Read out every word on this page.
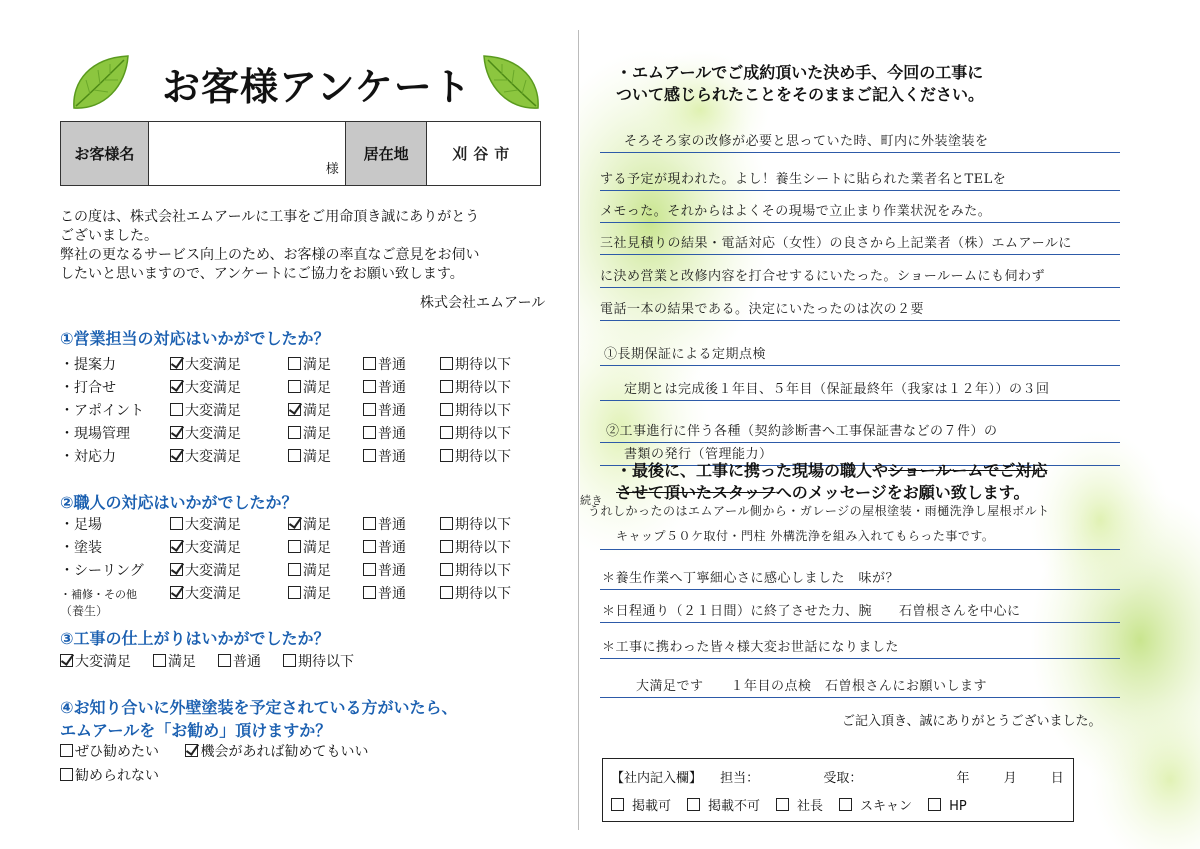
お客様アンケート
お客様名
様
居在地	刈谷市
この度は、株式会社エムアールに工事をご用命頂き誠にありがとう
ございました。
弊社の更なるサービス向上のため、お客様の率直なご意見をお伺い
したいと思いますので、アンケートにご協力をお願い致します。
株式会社エムアール
①営業担当の対応はいかがでしたか？
・提案力	大変満足	満足	普通	期待以下
・打合せ	大変満足	満足	普通	期待以下
・アポイント	大変満足	満足	普通	期待以下
・現場管理	大変満足	満足	普通	期待以下
・対応力	大変満足	満足	普通	期待以下
②職人の対応はいかがでしたか？
・足場	大変満足	満足	普通	期待以下
・塗装	大変満足	満足	普通	期待以下
・シーリング	大変満足	満足	普通	期待以下
・補修・その他	大変満足	満足	普通	期待以下
（養生）
③工事の仕上がりはいかがでしたか？
大変満足	満足	普通	期待以下
④お知り合いに外壁塗装を予定されている方がいたら、
エムアールを「お勧め」頂けますか？
ぜひ勧めたい	機会があれば勧めてもいい
勧められない
・エムアールでご成約頂いた決め手、今回の工事に
ついて感じられたことをそのままご記入ください。
そろそろ家の改修が必要と思っていた時、町内に外装塗装を
する予定が現われた。よし！養生シートに貼られた業者名とTELを
メモった。それからはよくその現場で立止まり作業状況をみた。
三社見積りの結果・電話対応（女性）の良さから上記業者（株）エムアールに
に決め営業と改修内容を打合せするにいたった。ショールームにも伺わず
電話一本の結果である。決定にいたったのは次の２要
①長期保証による定期点検
定期とは完成後１年目、５年目（保証最終年（我家は１２年））の３回
②工事進行に伴う各種（契約診断書へ工事保証書などの７件）の
書類の発行（管理能力）
・最後に、工事に携った現場の職人やショールームでご対応
させて頂いたスタッフへのメッセージをお願い致します。
続き
うれしかったのはエムアール側から・ガレージの屋根塗装・雨樋洗浄し屋根ボルト
キャップ５０ケ取付・門柱 外構洗浄を組み入れてもらった事です。
＊養生作業へ丁寧細心さに感心しました　味が？
＊日程通り（２１日間）に終了させた力、腕　　石曽根さんを中心に
＊工事に携わった皆々様大変お世話になりました
大満足です　　１年目の点検　石曽根さんにお願いします
ご記入頂き、誠にありがとうございました。
【社内記入欄】 担当：	受取：	年	月	日
掲載可	掲載不可	社長	スキャン	HP
